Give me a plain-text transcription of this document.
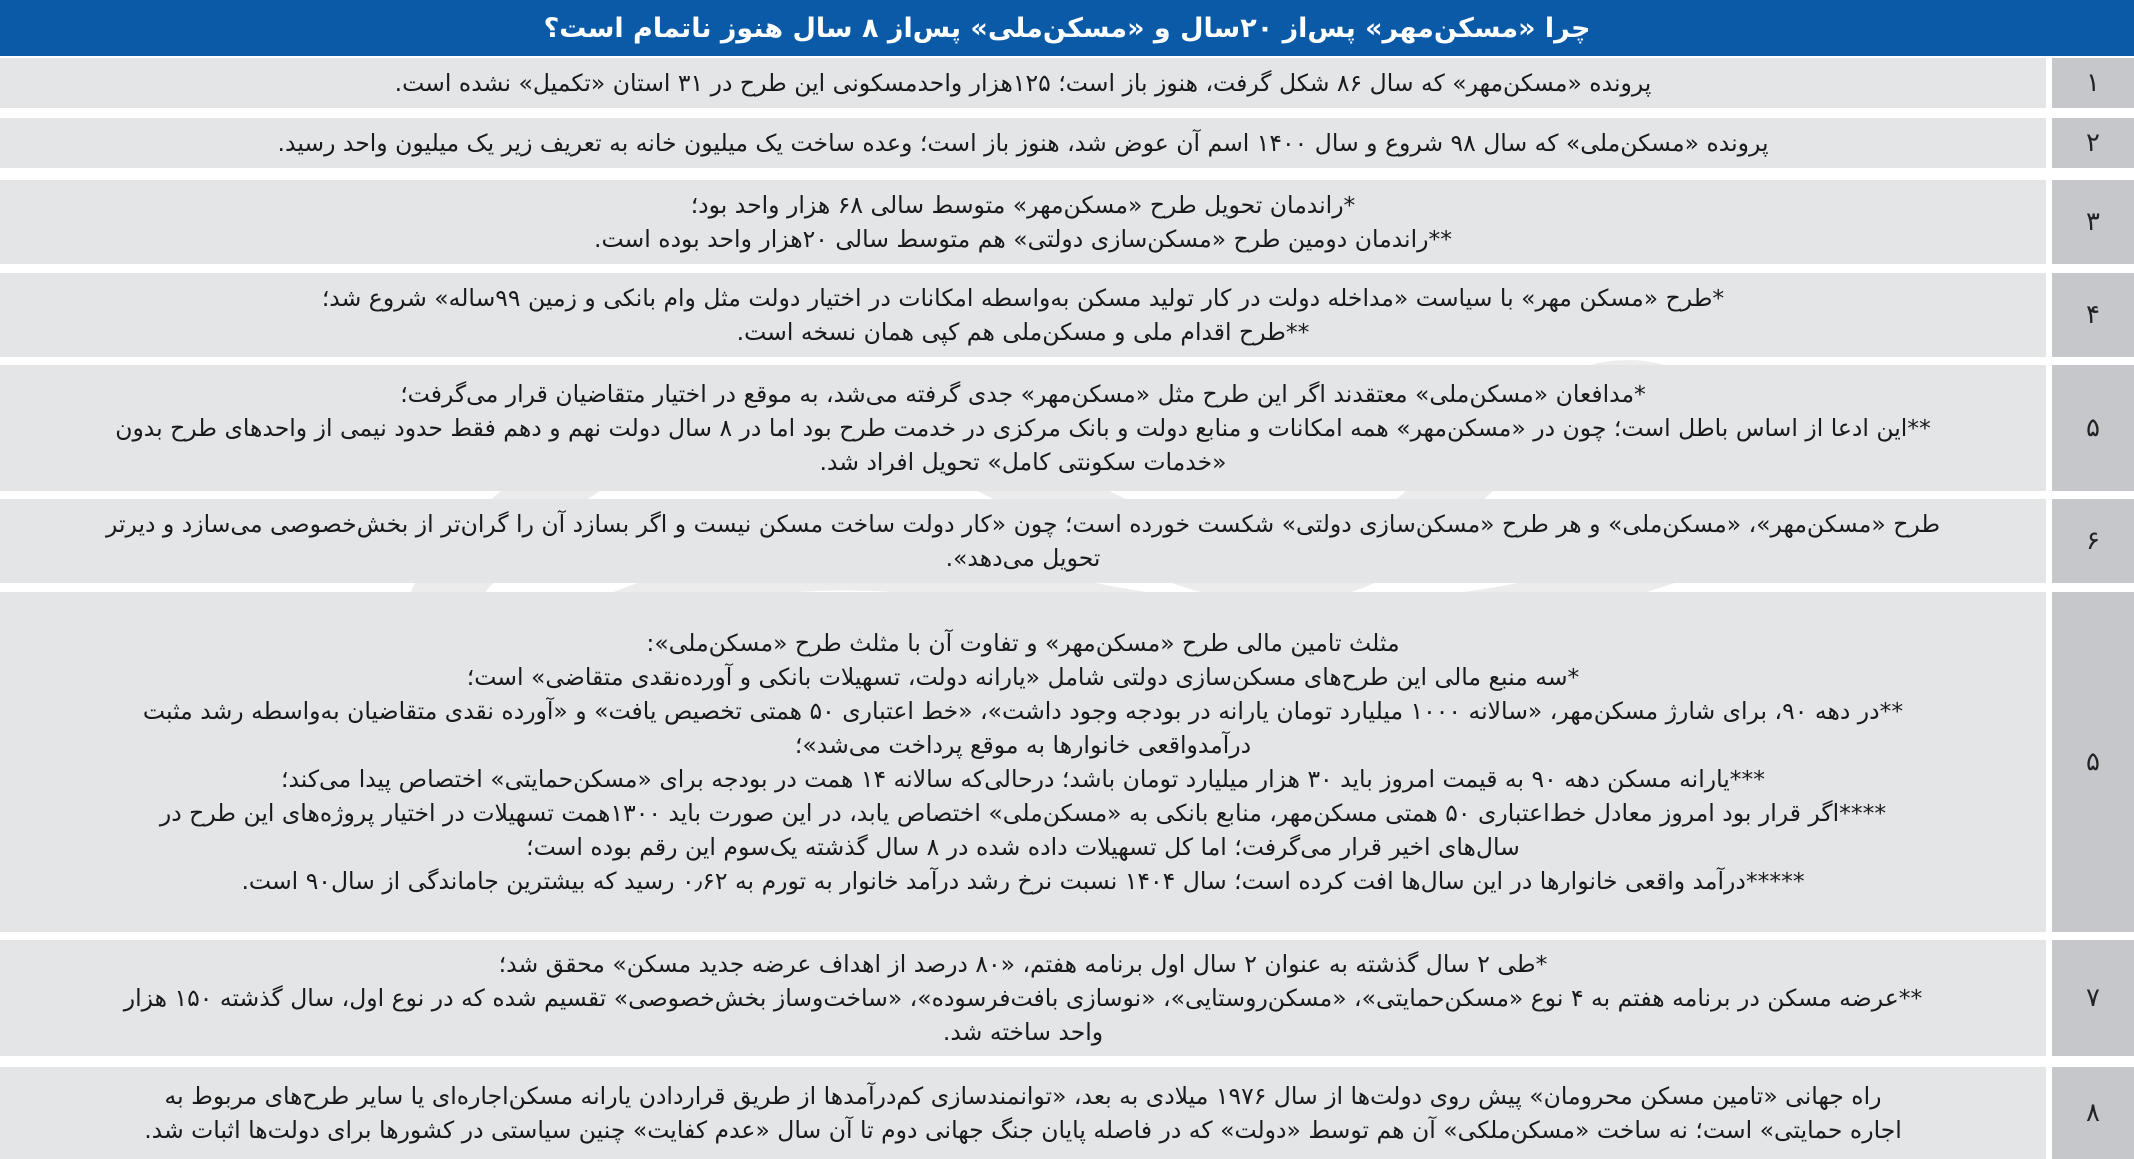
چرا «مسکن‌مهر» پس‌از ۲۰سال و «مسکن‌ملی» پس‌از ۸ سال هنوز ناتمام است؟
۱
پرونده «مسکن‌مهر» که سال ۸۶ شکل گرفت، هنوز باز است؛ ۱۲۵هزار واحدمسکونی این طرح در ۳۱ استان «تکمیل» نشده است.
۲
پرونده «مسکن‌ملی» که سال ۹۸ شروع و سال ۱۴۰۰ اسم آن عوض شد، هنوز باز است؛ وعده ساخت یک میلیون خانه به تعریف زیر یک میلیون واحد رسید.
۳
*راندمان تحویل طرح «مسکن‌مهر» متوسط سالی ۶۸ هزار واحد بود؛
**راندمان دومین طرح «مسکن‌سازی دولتی» هم متوسط سالی ۲۰هزار واحد بوده است.
۴
*طرح «مسکن مهر» با سیاست «مداخله دولت در کار تولید مسکن به‌واسطه امکانات در اختیار دولت مثل وام بانکی و زمین ۹۹ساله» شروع شد؛
**طرح اقدام ملی و مسکن‌ملی هم کپی همان نسخه است.
۵
*مدافعان «مسکن‌ملی» معتقدند اگر این طرح مثل «مسکن‌مهر» جدی گرفته می‌شد، به موقع در اختیار متقاضیان قرار می‌گرفت؛
**این ادعا از اساس باطل است؛ چون در «مسکن‌مهر» همه امکانات و منابع دولت و بانک مرکزی در خدمت طرح بود اما در ۸ سال دولت نهم و دهم فقط حدود نیمی از واحدهای طرح بدون
«خدمات سکونتی کامل» تحویل افراد شد.
۶
طرح «مسکن‌مهر»، «مسکن‌ملی» و هر طرح «مسکن‌سازی دولتی» شکست خورده است؛ چون «کار دولت ساخت مسکن نیست و اگر بسازد آن را گران‌تر از بخش‌خصوصی می‌سازد و دیرتر
تحویل می‌دهد».
۵
مثلث تامین مالی طرح «مسکن‌مهر» و تفاوت آن با مثلث طرح «مسکن‌ملی»:
*سه منبع مالی این طرح‌های مسکن‌سازی دولتی شامل «یارانه دولت، تسهیلات بانکی و آورده‌نقدی متقاضی» است؛
**در دهه ۹۰، برای شارژ مسکن‌مهر، «سالانه ۱۰۰۰ میلیارد تومان یارانه در بودجه وجود داشت»، «خط اعتباری ۵۰ همتی تخصیص یافت» و «آورده نقدی متقاضیان به‌واسطه رشد مثبت
درآمدواقعی خانوارها به موقع پرداخت می‌شد»؛
***یارانه مسکن دهه ۹۰ به قیمت امروز باید ۳۰ هزار میلیارد تومان باشد؛ درحالی‌که سالانه ۱۴ همت در بودجه برای «مسکن‌حمایتی» اختصاص پیدا می‌کند؛
****اگر قرار بود امروز معادل خط‌اعتباری ۵۰ همتی مسکن‌مهر، منابع بانکی به «مسکن‌ملی» اختصاص یابد، در این صورت باید ۱۳۰۰همت تسهیلات در اختیار پروژه‌های این طرح در
سال‌های اخیر قرار می‌گرفت؛ اما کل تسهیلات داده شده در ۸ سال گذشته یک‌سوم این رقم بوده است؛
*****درآمد واقعی خانوارها در این سال‌ها افت کرده است؛ سال ۱۴۰۴ نسبت نرخ رشد درآمد خانوار به تورم به ۰٫۶۲ رسید که بیشترین جاماندگی از سال۹۰ است.
۷
*طی ۲ سال گذشته به عنوان ۲ سال اول برنامه هفتم، «۸۰ درصد از اهداف عرضه جدید مسکن» محقق شد؛
**عرضه مسکن در برنامه هفتم به ۴ نوع «مسکن‌حمایتی»، «مسکن‌روستایی»، «نوسازی بافت‌فرسوده»، «ساخت‌وساز بخش‌خصوصی» تقسیم شده که در نوع اول، سال گذشته ۱۵۰ هزار
واحد ساخته شد.
۸
راه جهانی «تامین مسکن محرومان» پیش روی دولت‌ها از سال ۱۹۷۶ میلادی به بعد، «توانمندسازی کم‌درآمدها از طریق قراردادن یارانه مسکن‌اجاره‌ای یا سایر طرح‌های مربوط به
اجاره حمایتی» است؛ نه ساخت «مسکن‌ملکی» آن هم توسط «دولت» که در فاصله پایان جنگ جهانی دوم تا آن سال «عدم کفایت» چنین سیاستی در کشورها برای دولت‌ها اثبات شد.
